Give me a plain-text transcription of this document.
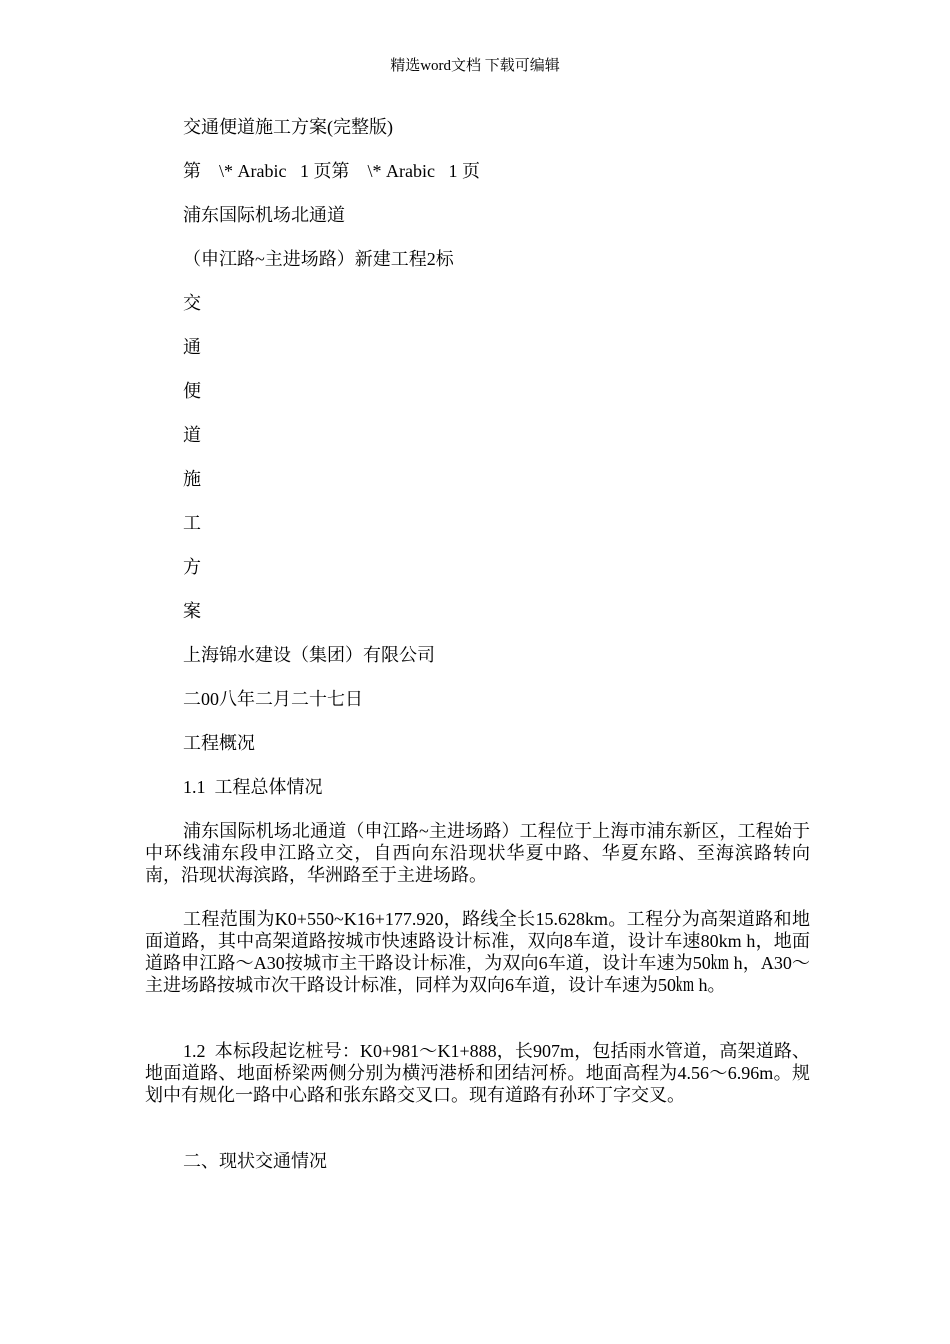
精选word文档 下载可编辑
交通便道施工方案(完整版)
第    \* Arabic   1 页第    \* Arabic   1 页
浦东国际机场北通道
（申江路~主进场路）新建工程2标
交
通
便
道
施
工
方
案
上海锦水建设（集团）有限公司
二00八年二月二十七日
工程概况
1.1  工程总体情况
浦东国际机场北通道（申江路~主进场路）工程位于上海市浦东新区，工程始于中环线浦东段申江路立交，自西向东沿现状华夏中路、华夏东路、至海滨路转向南，沿现状海滨路，华洲路至于主进场路。
工程范围为K0+550~K16+177.920，路线全长15.628km。工程分为高架道路和地面道路，其中高架道路按城市快速路设计标准，双向8车道，设计车速80km h，地面道路申江路～A30按城市主干路设计标准，为双向6车道，设计车速为50㎞ h，A30～主进场路按城市次干路设计标准，同样为双向6车道，设计车速为50㎞ h。
1.2  本标段起讫桩号：K0+981～K1+888，长907m，包括雨水管道，高架道路、地面道路、地面桥梁两侧分别为横沔港桥和团结河桥。地面高程为4.56～6.96m。规划中有规化一路中心路和张东路交叉口。现有道路有孙环丁字交叉。
二、现状交通情况
